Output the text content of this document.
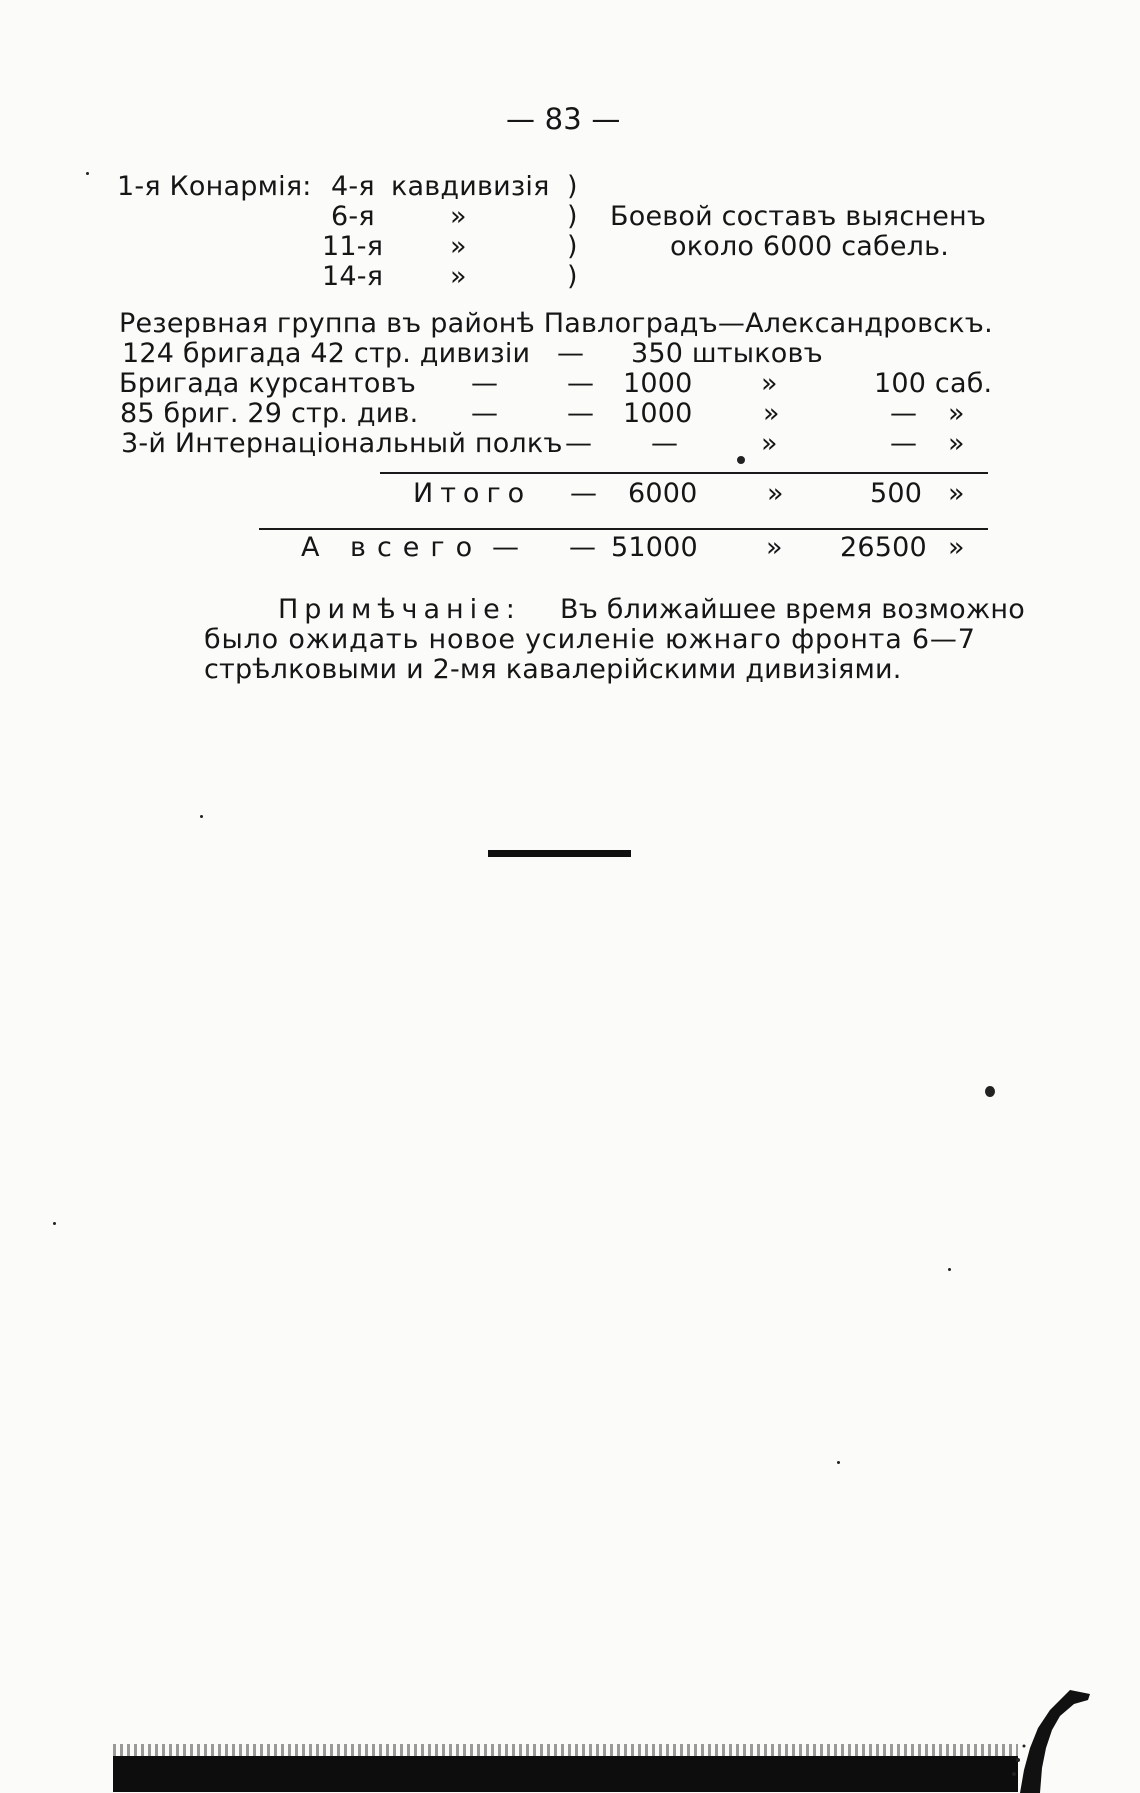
— 83 —
1-я Конармія: 4-я кавдивизія )
6-я	»	)
11-я »	)
14-я »	)
Боевой составъ выясненъ
около 6000 сабель.
Резервная группа въ районѣ Павлоградъ—Александровскъ.
124 бригада 42 стр. дивизіи — 350 штыковъ
Бригада курсантовъ —	— 1000	»	100 саб.
85 бриг. 29 стр. див. —	— 1000	»	— »
3-й Интернаціональный полкъ — —	»	— »
Итого — 6000	»	500 »
А всего — — 51000	» 26500 »
Примѣчаніе: Въ ближайшее время возможно
было ожидать новое усиленіе южнаго фронта 6—7
стрѣлковыми и 2-мя кавалерійскими дивизіями.
